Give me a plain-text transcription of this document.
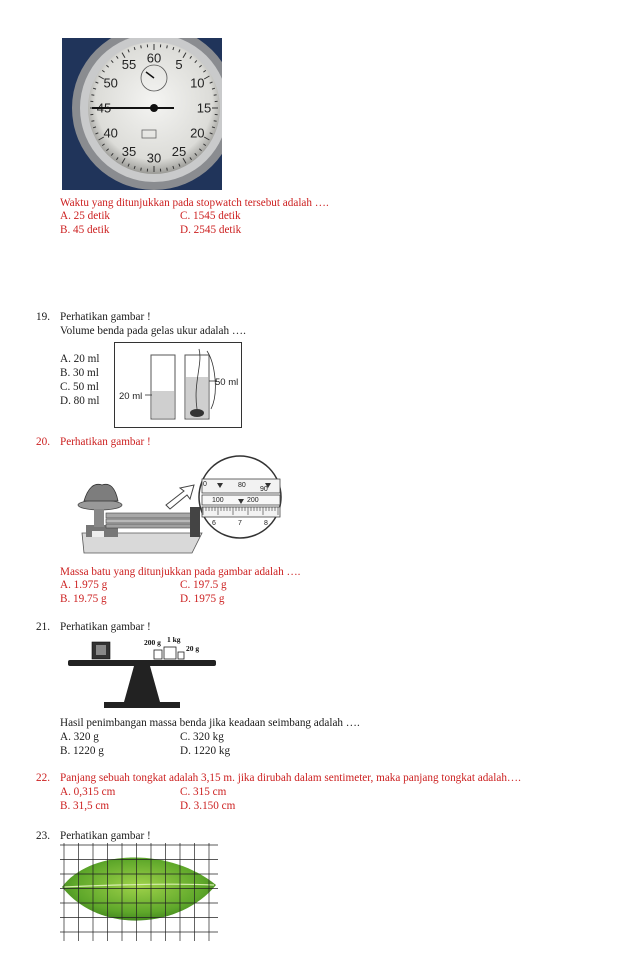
60 5
10
15
20
25
30
35
40
45
50
55
Waktu yang ditunjukkan pada stopwatch tersebut adalah ….
A. 25 detik	C. 1545 detik
B. 45 detik	D. 2545 detik
19. Perhatikan gambar !
Volume benda pada gelas ukur adalah ….
A. 20 ml
B. 30 ml
C. 50 ml
D. 80 ml 20 ml
50 ml
20. Perhatikan gambar !
0	80
90
100	200
6	7	8
Massa batu yang ditunjukkan pada gambar adalah ….
A. 1.975 g	C. 197.5 g
B. 19.75 g	D. 1975 g
21. Perhatikan gambar !
200 g 1 kg
20 g
Hasil penimbangan massa benda jika keadaan seimbang adalah ….
A. 320 g	C. 320 kg
B. 1220 g	D. 1220 kg
22. Panjang sebuah tongkat adalah 3,15 m. jika dirubah dalam sentimeter, maka panjang tongkat adalah….
A. 0,315 cm	C. 315 cm
B. 31,5 cm	D. 3.150 cm
23. Perhatikan gambar !
